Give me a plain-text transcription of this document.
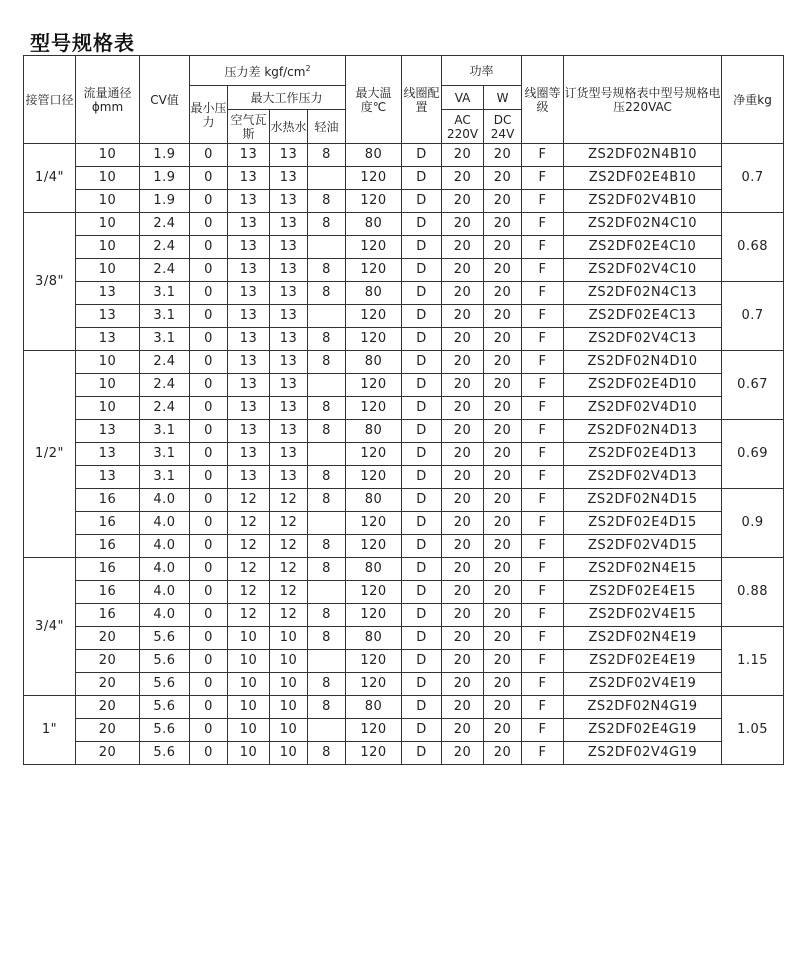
型号规格表
接管口径	流量通径ϕmm	CV值	压力差 kgf/$cm^2$				最大温度℃	线圈配置	功率		线圈等级	订货型号规格表中型号规格电压220VAC	净重kg
			最小压力	最大工作压力					VA	W			
				空气瓦斯	水热水	轻油			AC 220V	DC 24V			
1/4"	10	1.9	0	13	13	8	80	D	20	20	F	ZS2DF02N4B10	0.7
	10	1.9	0	13	13		120	D	20	20	F	ZS2DF02E4B10	
	10	1.9	0	13	13	8	120	D	20	20	F	ZS2DF02V4B10	
3/8"	10	2.4	0	13	13	8	80	D	20	20	F	ZS2DF02N4C10	0.68
	10	2.4	0	13	13		120	D	20	20	F	ZS2DF02E4C10	
	10	2.4	0	13	13	8	120	D	20	20	F	ZS2DF02V4C10	
	13	3.1	0	13	13	8	80	D	20	20	F	ZS2DF02N4C13	0.7
	13	3.1	0	13	13		120	D	20	20	F	ZS2DF02E4C13	
	13	3.1	0	13	13	8	120	D	20	20	F	ZS2DF02V4C13	
1/2"	10	2.4	0	13	13	8	80	D	20	20	F	ZS2DF02N4D10	0.67
	10	2.4	0	13	13		120	D	20	20	F	ZS2DF02E4D10	
	10	2.4	0	13	13	8	120	D	20	20	F	ZS2DF02V4D10	
	13	3.1	0	13	13	8	80	D	20	20	F	ZS2DF02N4D13	0.69
	13	3.1	0	13	13		120	D	20	20	F	ZS2DF02E4D13	
	13	3.1	0	13	13	8	120	D	20	20	F	ZS2DF02V4D13	
	16	4.0	0	12	12	8	80	D	20	20	F	ZS2DF02N4D15	0.9
	16	4.0	0	12	12		120	D	20	20	F	ZS2DF02E4D15	
	16	4.0	0	12	12	8	120	D	20	20	F	ZS2DF02V4D15	
3/4"	16	4.0	0	12	12	8	80	D	20	20	F	ZS2DF02N4E15	0.88
	16	4.0	0	12	12		120	D	20	20	F	ZS2DF02E4E15	
	16	4.0	0	12	12	8	120	D	20	20	F	ZS2DF02V4E15	
	20	5.6	0	10	10	8	80	D	20	20	F	ZS2DF02N4E19	1.15
	20	5.6	0	10	10		120	D	20	20	F	ZS2DF02E4E19	
	20	5.6	0	10	10	8	120	D	20	20	F	ZS2DF02V4E19	
1"	20	5.6	0	10	10	8	80	D	20	20	F	ZS2DF02N4G19	1.05
	20	5.6	0	10	10		120	D	20	20	F	ZS2DF02E4G19	
	20	5.6	0	10	10	8	120	D	20	20	F	ZS2DF02V4G19	
